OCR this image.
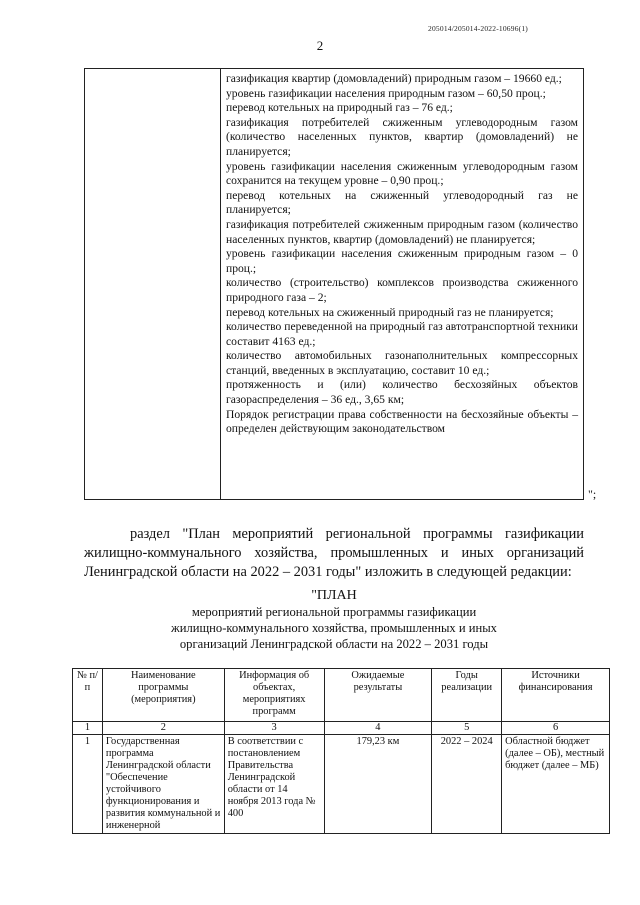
205014/205014-2022-10696(1)
2

газификация квартир (домовладений) природным газом – 19660 ед.;

уровень газификации населения природным газом – 60,50 проц.;

перевод котельных на природный газ – 76 ед.;

газификация потребителей сжиженным углеводородным газом (количество населенных пунктов, квартир (домовладений) не планируется;

уровень газификации населения сжиженным углеводородным газом сохранится на текущем уровне – 0,90 проц.;

перевод котельных на сжиженный углеводородный газ не планируется;

газификация потребителей сжиженным природным газом (количество населенных пунктов, квартир (домовладений) не планируется;

уровень газификации населения сжиженным природным газом – 0 проц.;

количество (строительство) комплексов производства сжиженного природного газа – 2;

перевод котельных на сжиженный природный газ не планируется;

количество переведенной на природный газ автотранспортной техники составит 4163 ед.;

количество автомобильных газонаполнительных компрессорных станций, введенных в эксплуатацию, составит 10 ед.;

протяженность и (или) количество бесхозяйных объектов газораспределения – 36 ед., 3,65 км;

Порядок регистрации права собственности на бесхозяйные объекты – определен действующим законодательством

";

раздел "План мероприятий региональной программы газификации жилищно-коммунального хозяйства, промышленных и иных организаций Ленинградской области на 2022 – 2031 годы" изложить в следующей редакции:

"ПЛАН
мероприятий региональной программы газификации
жилищно-коммунального хозяйства, промышленных и иных
организаций Ленинградской области на 2022 – 2031 годы
№ п/п	Наименование программы (мероприятия)	Информация об объектах, мероприятиях программ	Ожидаемые результаты	Годы реализации	Источники финансирования
1	2	3	4	5	6
1	Государственная программа Ленинградской области "Обеспечение устойчивого функционирования и развития коммунальной и инженерной	В соответствии с постановлением Правительства Ленинградской области от 14 ноября 2013 года № 400	179,23 км	2022 – 2024	Областной бюджет (далее – ОБ), местный бюджет (далее – МБ)
